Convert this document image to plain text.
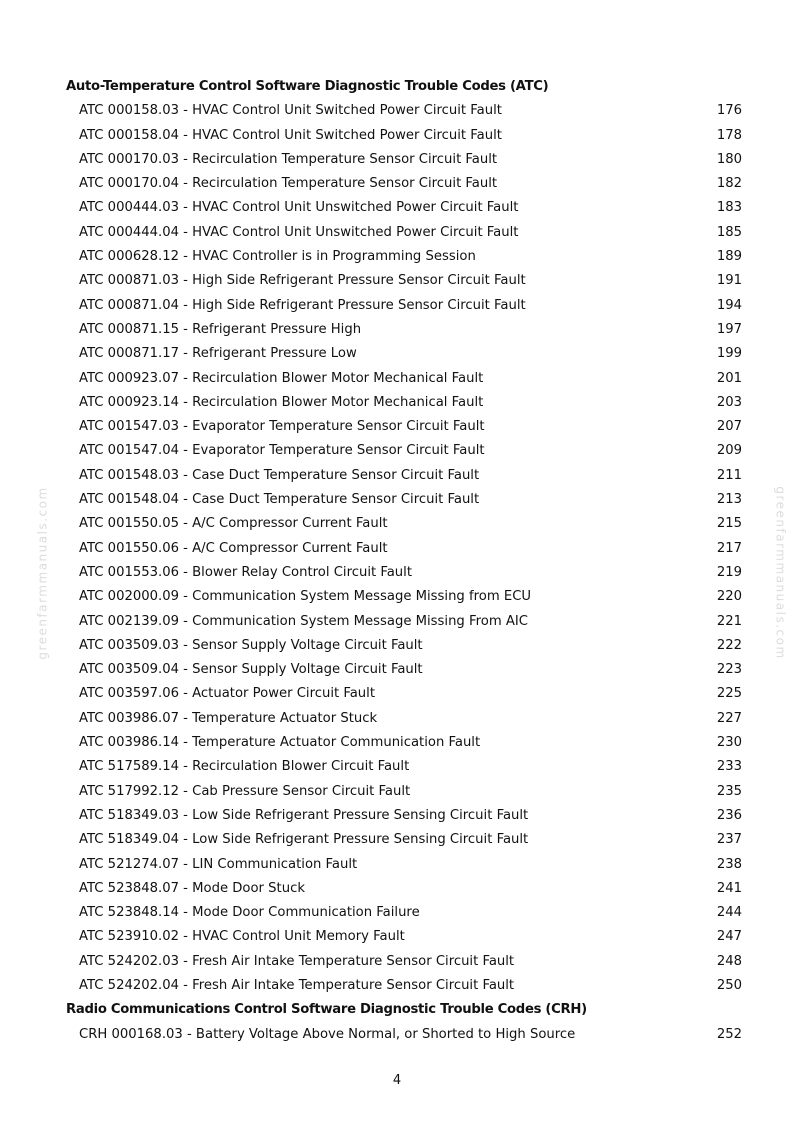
greenfarmmanuals.com	greenfarmmanuals.com
Auto-Temperature Control Software Diagnostic Trouble Codes (ATC)
ATC 000158.03 - HVAC Control Unit Switched Power Circuit Fault	176
ATC 000158.04 - HVAC Control Unit Switched Power Circuit Fault	178
ATC 000170.03 - Recirculation Temperature Sensor Circuit Fault	180
ATC 000170.04 - Recirculation Temperature Sensor Circuit Fault	182
ATC 000444.03 - HVAC Control Unit Unswitched Power Circuit Fault	183
ATC 000444.04 - HVAC Control Unit Unswitched Power Circuit Fault	185
ATC 000628.12 - HVAC Controller is in Programming Session	189
ATC 000871.03 - High Side Refrigerant Pressure Sensor Circuit Fault	191
ATC 000871.04 - High Side Refrigerant Pressure Sensor Circuit Fault	194
ATC 000871.15 - Refrigerant Pressure High	197
ATC 000871.17 - Refrigerant Pressure Low	199
ATC 000923.07 - Recirculation Blower Motor Mechanical Fault	201
ATC 000923.14 - Recirculation Blower Motor Mechanical Fault	203
ATC 001547.03 - Evaporator Temperature Sensor Circuit Fault	207
ATC 001547.04 - Evaporator Temperature Sensor Circuit Fault	209
ATC 001548.03 - Case Duct Temperature Sensor Circuit Fault	211
ATC 001548.04 - Case Duct Temperature Sensor Circuit Fault	213
ATC 001550.05 - A/C Compressor Current Fault	215
ATC 001550.06 - A/C Compressor Current Fault	217
ATC 001553.06 - Blower Relay Control Circuit Fault	219
ATC 002000.09 - Communication System Message Missing from ECU	220
ATC 002139.09 - Communication System Message Missing From AIC	221
ATC 003509.03 - Sensor Supply Voltage Circuit Fault	222
ATC 003509.04 - Sensor Supply Voltage Circuit Fault	223
ATC 003597.06 - Actuator Power Circuit Fault	225
ATC 003986.07 - Temperature Actuator Stuck	227
ATC 003986.14 - Temperature Actuator Communication Fault	230
ATC 517589.14 - Recirculation Blower Circuit Fault	233
ATC 517992.12 - Cab Pressure Sensor Circuit Fault	235
ATC 518349.03 - Low Side Refrigerant Pressure Sensing Circuit Fault	236
ATC 518349.04 - Low Side Refrigerant Pressure Sensing Circuit Fault	237
ATC 521274.07 - LIN Communication Fault	238
ATC 523848.07 - Mode Door Stuck	241
ATC 523848.14 - Mode Door Communication Failure	244
ATC 523910.02 - HVAC Control Unit Memory Fault	247
ATC 524202.03 - Fresh Air Intake Temperature Sensor Circuit Fault	248
ATC 524202.04 - Fresh Air Intake Temperature Sensor Circuit Fault	250
Radio Communications Control Software Diagnostic Trouble Codes (CRH)
CRH 000168.03 - Battery Voltage Above Normal, or Shorted to High Source	252
4
